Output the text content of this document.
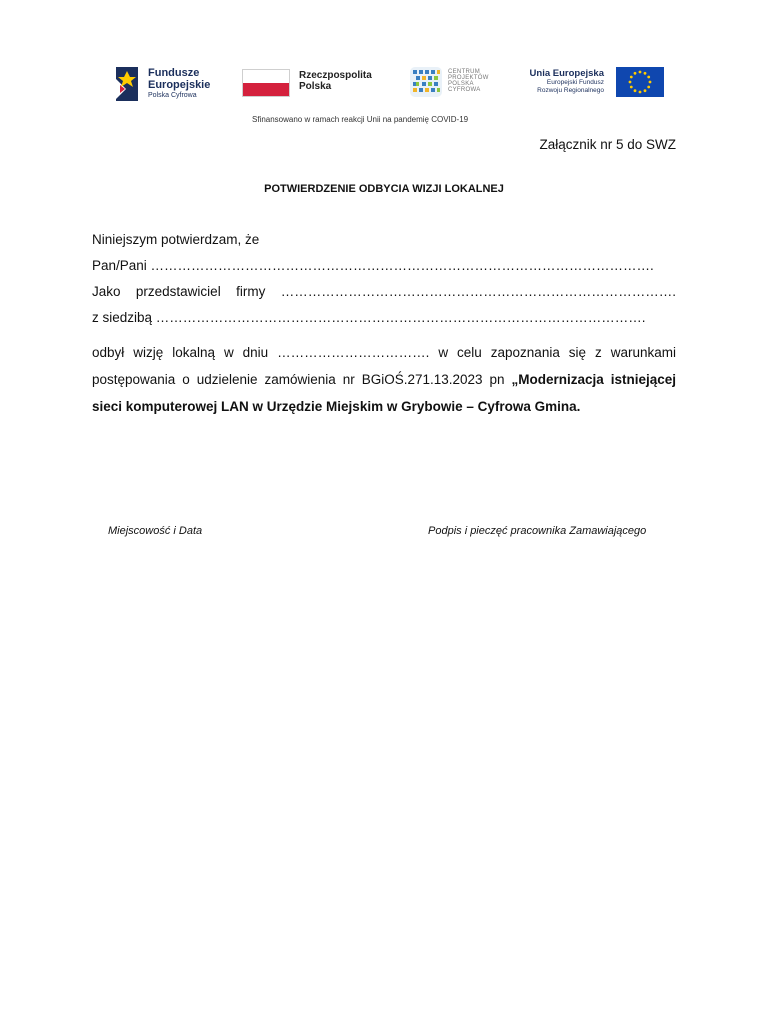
Fundusze
Europejskie
Polska Cyfrowa
Rzeczpospolita
Polska
CENTRUM
PROJEKTÓW
POLSKA
CYFROWA
Unia Europejska
Europejski Fundusz
Rozwoju Regionalnego
Sfinansowano w ramach reakcji Unii na pandemię COVID-19
Załącznik nr 5 do SWZ
POTWIERDZENIE ODBYCIA WIZJI LOKALNEJ
Niniejszym potwierdzam, że
Pan/Pani ………………………………………………………………………………………………….
Jako przedstawiciel firmy …………………………………………………………………………….
z siedzibą ……………………………………………………………………………………………….
odbył wizję lokalną w dniu ……………………………. w celu zapoznania się z warunkami postępowania o udzielenie zamówienia nr BGiOŚ.271.13.2023 pn „Modernizacja istniejącej sieci komputerowej LAN w Urzędzie Miejskim w Grybowie – Cyfrowa Gmina.
Miejscowość i Data	Podpis i pieczęć pracownika Zamawiającego
